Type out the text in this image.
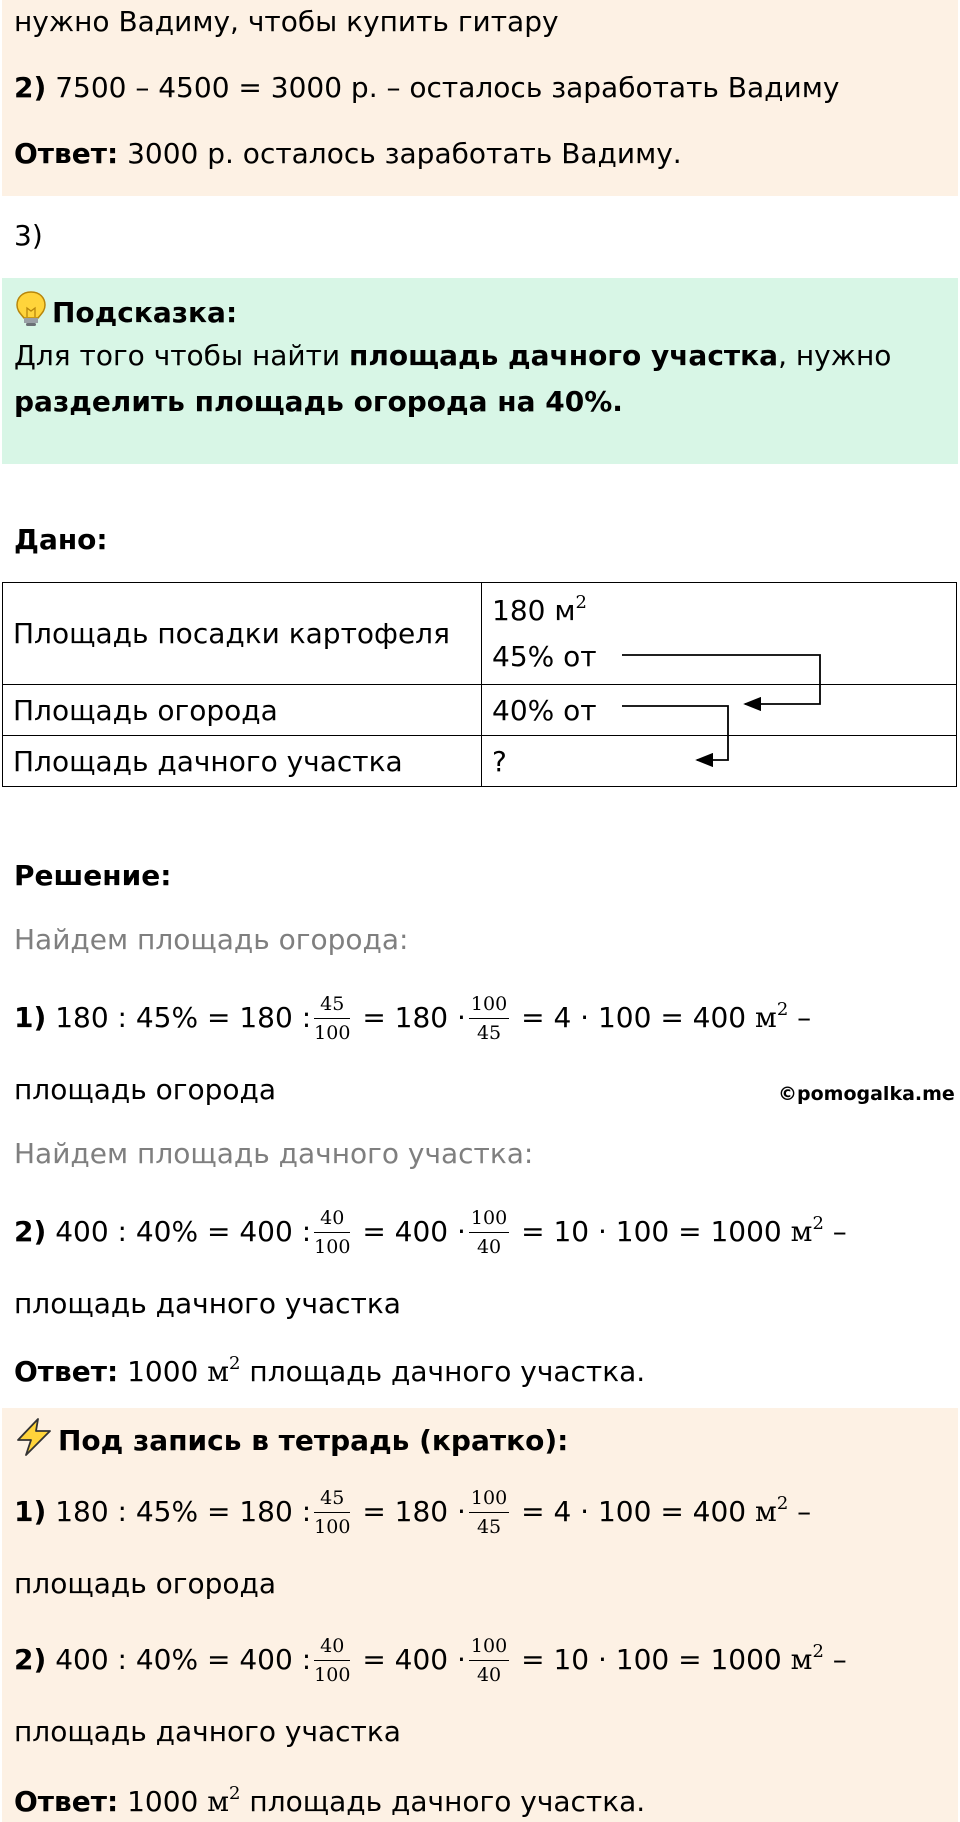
нужно Вадиму, чтобы купить гитару
2) 7500 – 4500 = 3000 р. – осталось заработать Вадиму
Ответ: 3000 р. осталось заработать Вадиму.
3)
Подсказка:
Для того чтобы найти площадь дачного участка, нужно
разделить площадь огорода на 40%.
Дано:
Площадь посадки картофеля	180 $м^2$
45% от

Площадь огорода	40% от
Площадь дачного участка	?
Решение:
Найдем площадь огорода:
1) 180 : 45% = 180 : $\frac{45}{100} = 180 \cdot \frac{100}{45} = 4 \cdot 100 = 400$ $м^2$ –
площадь огорода	©pomogalka.me
Найдем площадь дачного участка:
2) 400 : 40% = 400 : $\frac{40}{100} = 400 \cdot \frac{100}{40} = 10 \cdot 100 = 1000$ $м^2$ –
площадь дачного участка
Ответ: 1000 $м^2$ площадь дачного участка.
Под запись в тетрадь (кратко):
1) 180 : 45% = 180 : $\frac{45}{100} = 180 \cdot \frac{100}{45} = 4 \cdot 100 = 400$ $м^2$ –
площадь огорода
2) 400 : 40% = 400 : $\frac{40}{100} = 400 \cdot \frac{100}{40} = 10 \cdot 100 = 1000$ $м^2$ –
площадь дачного участка
Ответ: 1000 $м^2$ площадь дачного участка.
